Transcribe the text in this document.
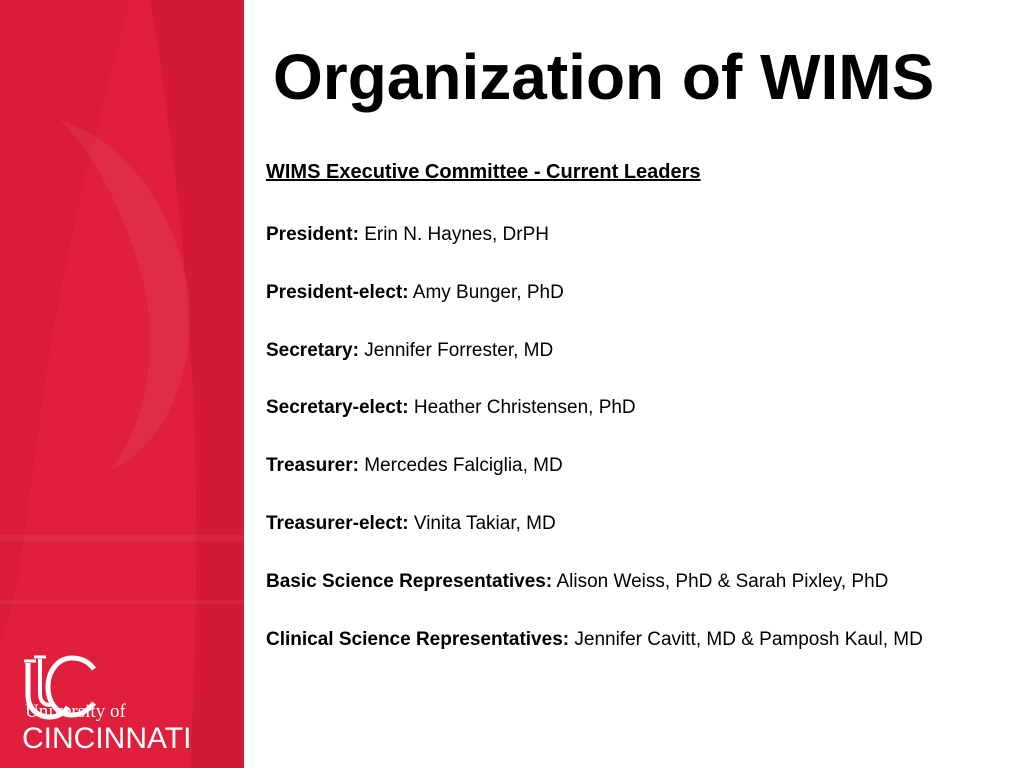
University of
CINCINNATI
Organization of WIMS
WIMS Executive Committee - Current Leaders
President: Erin N. Haynes, DrPH
President-elect: Amy Bunger, PhD
Secretary: Jennifer Forrester, MD
Secretary-elect: Heather Christensen, PhD
Treasurer: Mercedes Falciglia, MD
Treasurer-elect: Vinita Takiar, MD
Basic Science Representatives: Alison Weiss, PhD & Sarah Pixley, PhD
Clinical Science Representatives: Jennifer Cavitt, MD & Pamposh Kaul, MD
